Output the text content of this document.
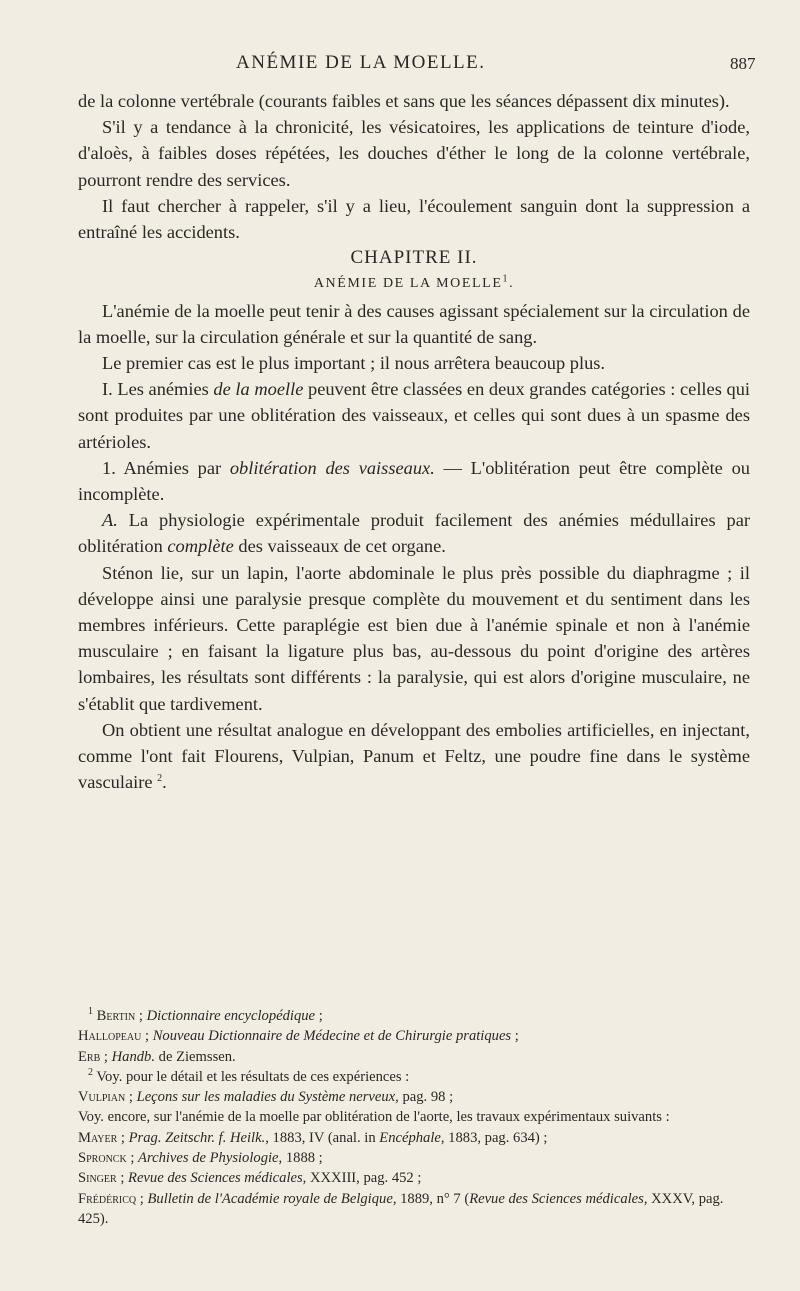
ANÉMIE DE LA MOELLE.	887

de la colonne vertébrale (courants faibles et sans que les séances dépassent dix minutes).

S'il y a tendance à la chronicité, les vésicatoires, les applications de teinture d'iode, d'aloès, à faibles doses répétées, les douches d'éther le long de la colonne vertébrale, pourront rendre des services.

Il faut chercher à rappeler, s'il y a lieu, l'écoulement sanguin dont la suppression a entraîné les accidents.

CHAPITRE II.

ANÉMIE DE LA MOELLE$^1$.

L'anémie de la moelle peut tenir à des causes agissant spécialement sur la circulation de la moelle, sur la circulation générale et sur la quantité de sang.

Le premier cas est le plus important ; il nous arrêtera beaucoup plus.

I. Les anémies de la moelle peuvent être classées en deux grandes catégories : celles qui sont produites par une oblitération des vaisseaux, et celles qui sont dues à un spasme des artérioles.

1. Anémies par oblitération des vaisseaux. — L'oblitération peut être complète ou incomplète.

A. La physiologie expérimentale produit facilement des anémies médullaires par oblitération complète des vaisseaux de cet organe.

Sténon lie, sur un lapin, l'aorte abdominale le plus près possible du diaphragme ; il développe ainsi une paralysie presque complète du mouvement et du sentiment dans les membres inférieurs. Cette paraplégie est bien due à l'anémie spinale et non à l'anémie musculaire ; en faisant la ligature plus bas, au-dessous du point d'origine des artères lombaires, les résultats sont différents : la paralysie, qui est alors d'origine musculaire, ne s'établit que tardivement.

On obtient une résultat analogue en développant des embolies artificielles, en injectant, comme l'ont fait Flourens, Vulpian, Panum et Feltz, une poudre fine dans le système vasculaire $^2$.

$^1$ Bertin ; Dictionnaire encyclopédique ;

Hallopeau ; Nouveau Dictionnaire de Médecine et de Chirurgie pratiques ;

Erb ; Handb. de Ziemssen.

$^2$ Voy. pour le détail et les résultats de ces expériences :

Vulpian ; Leçons sur les maladies du Système nerveux, pag. 98 ;

Voy. encore, sur l'anémie de la moelle par oblitération de l'aorte, les travaux expérimentaux suivants :

Mayer ; Prag. Zeitschr. f. Heilk., 1883, IV (anal. in Encéphale, 1883, pag. 634) ;

Spronck ; Archives de Physiologie, 1888 ;

Singer ; Revue des Sciences médicales, XXXIII, pag. 452 ;

Frédéricq ; Bulletin de l'Académie royale de Belgique, 1889, n° 7 (Revue des Sciences médicales, XXXV, pag. 425).
